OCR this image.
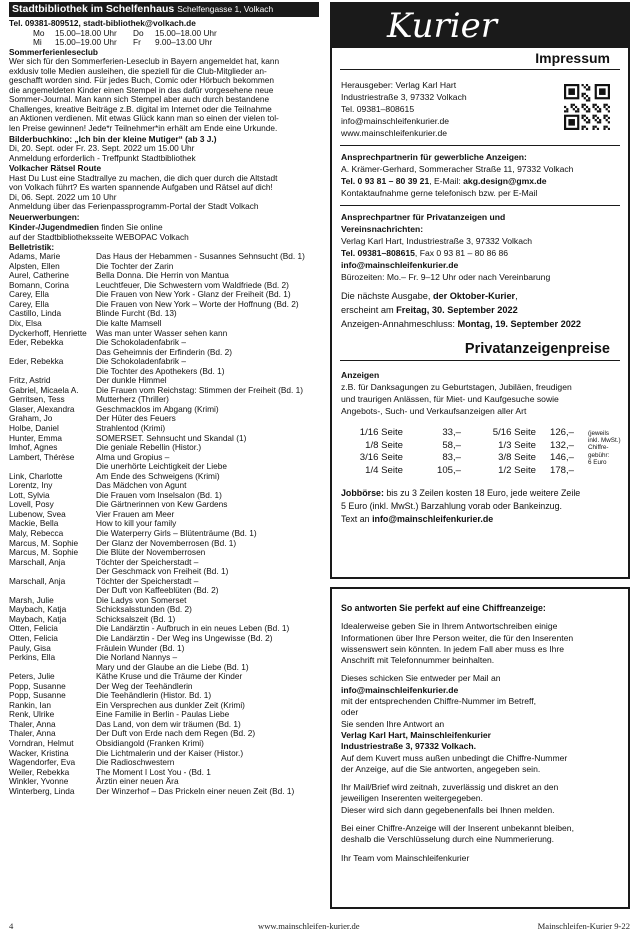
Stadtbibliothek im Schelfenhaus Schelfengasse 1, Volkach
Tel. 09381-809512, stadt-bibliothek@volkach.de
Mo	15.00–18.00 Uhr	Do	15.00–18.00 Uhr
Mi	15.00–19.00 Uhr	Fr	9.00–13.00 Uhr
Sommerferienleseclub
Wer sich für den Sommerferien-Leseclub in Bayern angemeldet hat, kann
exklusiv tolle Medien ausleihen, die speziell für die Club-Mitglieder an-
geschafft worden sind. Für jedes Buch, Comic oder Hörbuch bekommen
die angemeldeten Kinder einen Stempel in das dafür vorgesehene neue
Sommer-Journal. Man kann sich Stempel aber auch durch bestandene
Challenges, kreative Beiträge z.B. digital im Internet oder die Teilnahme
an Aktionen verdienen. Mit etwas Glück kann man so einen der vielen tol-
len Preise gewinnen! Jede*r Teilnehmer*in erhält am Ende eine Urkunde.
Bilderbuchkino: „Ich bin der kleine Mutiger“ (ab 3 J.)
Di, 20. Sept. oder Fr. 23. Sept. 2022 um 15.00 Uhr
Anmeldung erforderlich - Treffpunkt Stadtbibliothek
Volkacher Rätsel Route
Hast Du Lust eine Stadtrallye zu machen, die dich quer durch die Altstadt
von Volkach führt? Es warten spannende Aufgaben und Rätsel auf dich!
Di, 06. Sept. 2022 um 10 Uhr
Anmeldung über das Ferienpassprogramm-Portal der Stadt Volkach
Neuerwerbungen:
Kinder-/Jugendmedien finden Sie online
auf der Stadtbibliotheksseite WEBOPAC Volkach
Belletristik:
Adams, Marie	Das Haus der Hebammen - Susannes Sehnsucht (Bd. 1)
Alpsten, Ellen	Die Tochter der Zarin
Aurel, Catherine	Bella Donna. Die Herrin von Mantua
Bomann, Corina	Leuchtfeuer, Die Schwestern vom Waldfriede (Bd. 2)
Carey, Ella	Die Frauen von New York - Glanz der Freiheit (Bd. 1)
Carey, Ella	Die Frauen von New York – Worte der Hoffnung (Bd. 2)
Castillo, Linda	Blinde Furcht (Bd. 13)
Dix, Elsa	Die kalte Mamsell
Dyckerhoff, Henriette	Was man unter Wasser sehen kann
Eder, Rebekka	Die Schokoladenfabrik –
Das Geheimnis der Erfinderin (Bd. 2)
Eder, Rebekka	Die Schokoladenfabrik –
Die Tochter des Apothekers (Bd. 1)
Fritz, Astrid	Der dunkle Himmel
Gabriel, Micaela A.	Die Frauen vom Reichstag: Stimmen der Freiheit (Bd. 1)
Gerritsen, Tess	Mutterherz (Thriller)
Glaser, Alexandra	Geschmacklos im Abgang (Krimi)
Graham, Jo	Der Hüter des Feuers
Holbe, Daniel	Strahlentod (Krimi)
Hunter, Emma	SOMERSET. Sehnsucht und Skandal (1)
Imhof, Agnes	Die geniale Rebellin (Histor.)
Lambert, Thérèse	Alma und Gropius –
Die unerhörte Leichtigkeit der Liebe
Link, Charlotte	Am Ende des Schweigens (Krimi)
Lorentz, Iny	Das Mädchen von Agunt
Lott, Sylvia	Die Frauen vom Inselsalon (Bd. 1)
Lovell, Posy	Die Gärtnerinnen von Kew Gardens
Lubenow, Svea	Vier Frauen am Meer
Mackie, Bella	How to kill your family
Maly, Rebecca	Die Waterperry Girls – Blütenträume (Bd. 1)
Marcus, M. Sophie	Der Glanz der Novemberrosen (Bd. 1)
Marcus, M. Sophie	Die Blüte der Novemberrosen
Marschall, Anja	Töchter der Speicherstadt –
Der Geschmack von Freiheit (Bd. 1)
Marschall, Anja	Töchter der Speicherstadt –
Der Duft von Kaffeeblüten (Bd. 2)
Marsh, Julie	Die Ladys von Somerset
Maybach, Katja	Schicksalsstunden (Bd. 2)
Maybach, Katja	Schicksalszeit (Bd. 1)
Otten, Felicia	Die Landärztin - Aufbruch in ein neues Leben (Bd. 1)
Otten, Felicia	Die Landärztin - Der Weg ins Ungewisse (Bd. 2)
Pauly, Gisa	Fräulein Wunder (Bd. 1)
Perkins, Ella	Die Norland Nannys –
Mary und der Glaube an die Liebe (Bd. 1)
Peters, Julie	Käthe Kruse und die Träume der Kinder
Popp, Susanne	Der Weg der Teehändlerin
Popp, Susanne	Die Teehändlerin (Histor. Bd. 1)
Rankin, Ian	Ein Versprechen aus dunkler Zeit (Krimi)
Renk, Ulrike	Eine Familie in Berlin - Paulas Liebe
Thaler, Anna	Das Land, von dem wir träumen (Bd. 1)
Thaler, Anna	Der Duft von Erde nach dem Regen (Bd. 2)
Vorndran, Helmut	Obsidiangold (Franken Krimi)
Wacker, Kristina	Die Lichtmalerin und der Kaiser (Histor.)
Wagendorfer, Eva	Die Radioschwestern
Weiler, Rebekka	The Moment I Lost You - (Bd. 1
Winkler, Yvonne	Ärztin einer neuen Ära
Winterberg, Linda	Der Winzerhof – Das Prickeln einer neuen Zeit (Bd. 1)
Kurier
Impressum
Herausgeber: Verlag Karl Hart
Industriestraße 3, 97332 Volkach
Tel. 09381–808615
info@mainschleifenkurier.de
www.mainschleifenkurier.de
Ansprechpartnerin für gewerbliche Anzeigen:
A. Krämer-Gerhard, Sommeracher Straße 11, 97332 Volkach
Tel. 0 93 81 – 80 39 21, E-Mail: akg.design@gmx.de
Kontaktaufnahme gerne telefonisch bzw. per E-Mail
Ansprechpartner für Privatanzeigen und
Vereinsnachrichten:
Verlag Karl Hart, Industriestraße 3, 97332 Volkach
Tel. 09381–808615, Fax 0 93 81 – 80 86 86
info@mainschleifenkurier.de
Bürozeiten: Mo.– Fr. 9–12 Uhr oder nach Vereinbarung
Die nächste Ausgabe, der Oktober-Kurier,
erscheint am Freitag, 30. September 2022
Anzeigen-Annahmeschluss: Montag, 19. September 2022
Privatanzeigenpreise
Anzeigen
z.B. für Danksagungen zu Geburtstagen, Jubiläen, freudigen
und traurigen Anlässen, für Miet- und Kaufgesuche sowie
Angebots-, Such- und Verkaufsanzeigen aller Art
1/16 Seite	33,–	5/16 Seite	126,–	(jeweils
inkl. MwSt.)
Chiffre-
gebühr:
6 Euro
1/8 Seite	58,–	1/3 Seite	132,–
3/16 Seite	83,–	3/8 Seite	146,–
1/4 Seite	105,–	1/2 Seite	178,–
Jobbörse: bis zu 3 Zeilen kosten 18 Euro, jede weitere Zeile
5 Euro (inkl. MwSt.) Barzahlung vorab oder Bankeinzug.
Text an info@mainschleifenkurier.de
So antworten Sie perfekt auf eine Chiffreanzeige:

Idealerweise geben Sie in Ihrem Antwortschreiben einige
Informationen über Ihre Person weiter, die für den Inserenten
wissenswert sein könnten. In jedem Fall aber muss es Ihre
Anschrift mit Telefonnummer beinhalten.

Dieses schicken Sie entweder per Mail an
info@mainschleifenkurier.de
mit der entsprechenden Chiffre-Nummer im Betreff,
oder
Sie senden Ihre Antwort an
Verlag Karl Hart, Mainschleifenkurier
Industriestraße 3, 97332 Volkach.
Auf dem Kuvert muss außen unbedingt die Chiffre-Nummer
der Anzeige, auf die Sie antworten, angegeben sein.

Ihr Mail/Brief wird zeitnah, zuverlässig und diskret an den
jeweiligen Inserenten weitergegeben.
Dieser wird sich dann gegebenenfalls bei Ihnen melden.

Bei einer Chiffre-Anzeige will der Inserent unbekannt bleiben,
deshalb die Verschlüsselung durch eine Nummerierung.

Ihr Team vom Mainschleifenkurier

4	www.mainschleifen-kurier.de	Mainschleifen-Kurier 9-22
